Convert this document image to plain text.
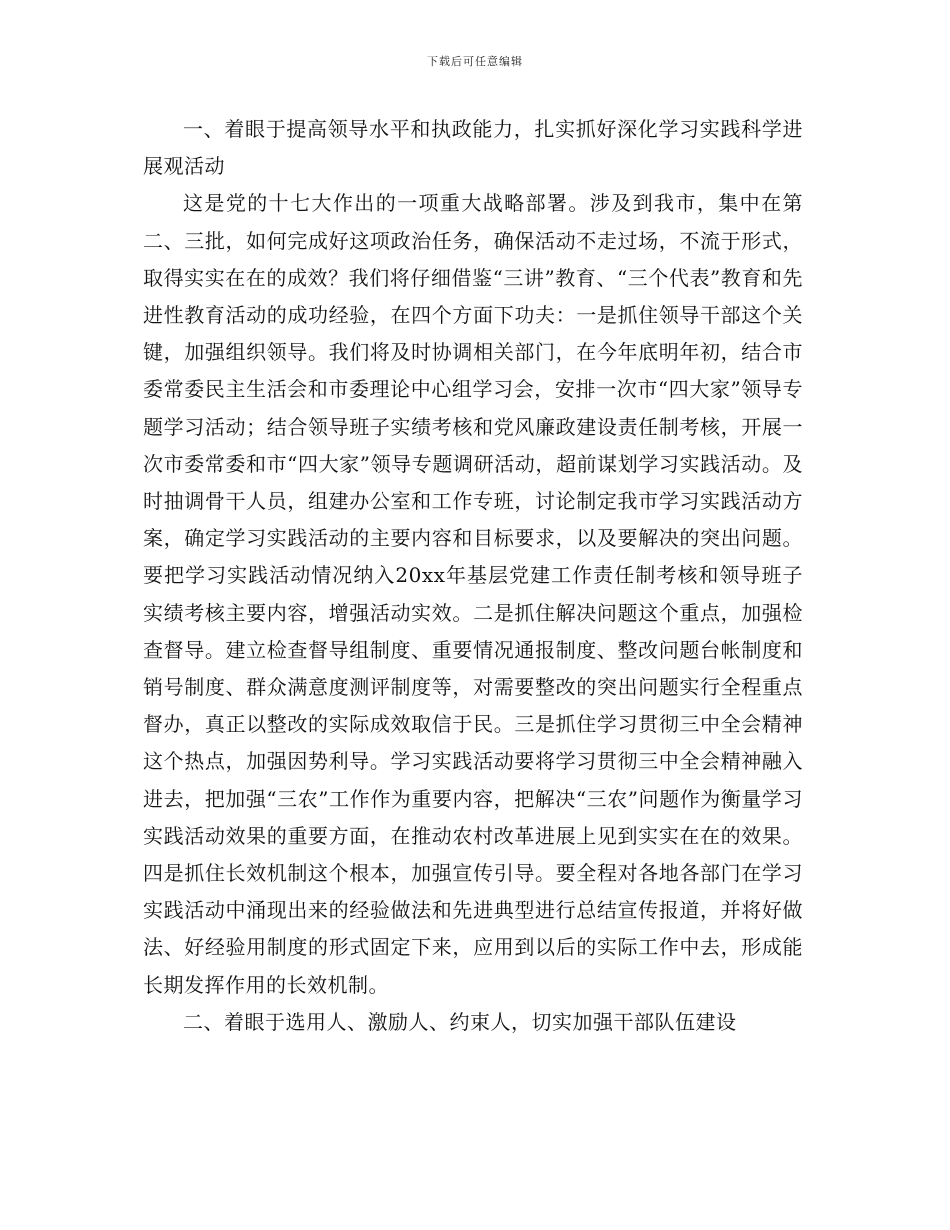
下载后可任意编辑

一、着眼于提高领导水平和执政能力，扎实抓好深化学习实践科学进展观活动

这是党的十七大作出的一项重大战略部署。涉及到我市，集中在第二、三批，如何完成好这项政治任务，确保活动不走过场，不流于形式，取得实实在在的成效？我们将仔细借鉴“三讲”教育、“三个代表”教育和先进性教育活动的成功经验，在四个方面下功夫：一是抓住领导干部这个关键，加强组织领导。我们将及时协调相关部门，在今年底明年初，结合市委常委民主生活会和市委理论中心组学习会，安排一次市“四大家”领导专题学习活动；结合领导班子实绩考核和党风廉政建设责任制考核，开展一次市委常委和市“四大家”领导专题调研活动，超前谋划学习实践活动。及时抽调骨干人员，组建办公室和工作专班，讨论制定我市学习实践活动方案，确定学习实践活动的主要内容和目标要求，以及要解决的突出问题。要把学习实践活动情况纳入20xx年基层党建工作责任制考核和领导班子实绩考核主要内容，增强活动实效。二是抓住解决问题这个重点，加强检查督导。建立检查督导组制度、重要情况通报制度、整改问题台帐制度和销号制度、群众满意度测评制度等，对需要整改的突出问题实行全程重点督办，真正以整改的实际成效取信于民。三是抓住学习贯彻三中全会精神这个热点，加强因势利导。学习实践活动要将学习贯彻三中全会精神融入进去，把加强“三农”工作作为重要内容，把解决“三农”问题作为衡量学习实践活动效果的重要方面，在推动农村改革进展上见到实实在在的效果。四是抓住长效机制这个根本，加强宣传引导。要全程对各地各部门在学习实践活动中涌现出来的经验做法和先进典型进行总结宣传报道，并将好做法、好经验用制度的形式固定下来，应用到以后的实际工作中去，形成能长期发挥作用的长效机制。

二、着眼于选用人、激励人、约束人，切实加强干部队伍建设
